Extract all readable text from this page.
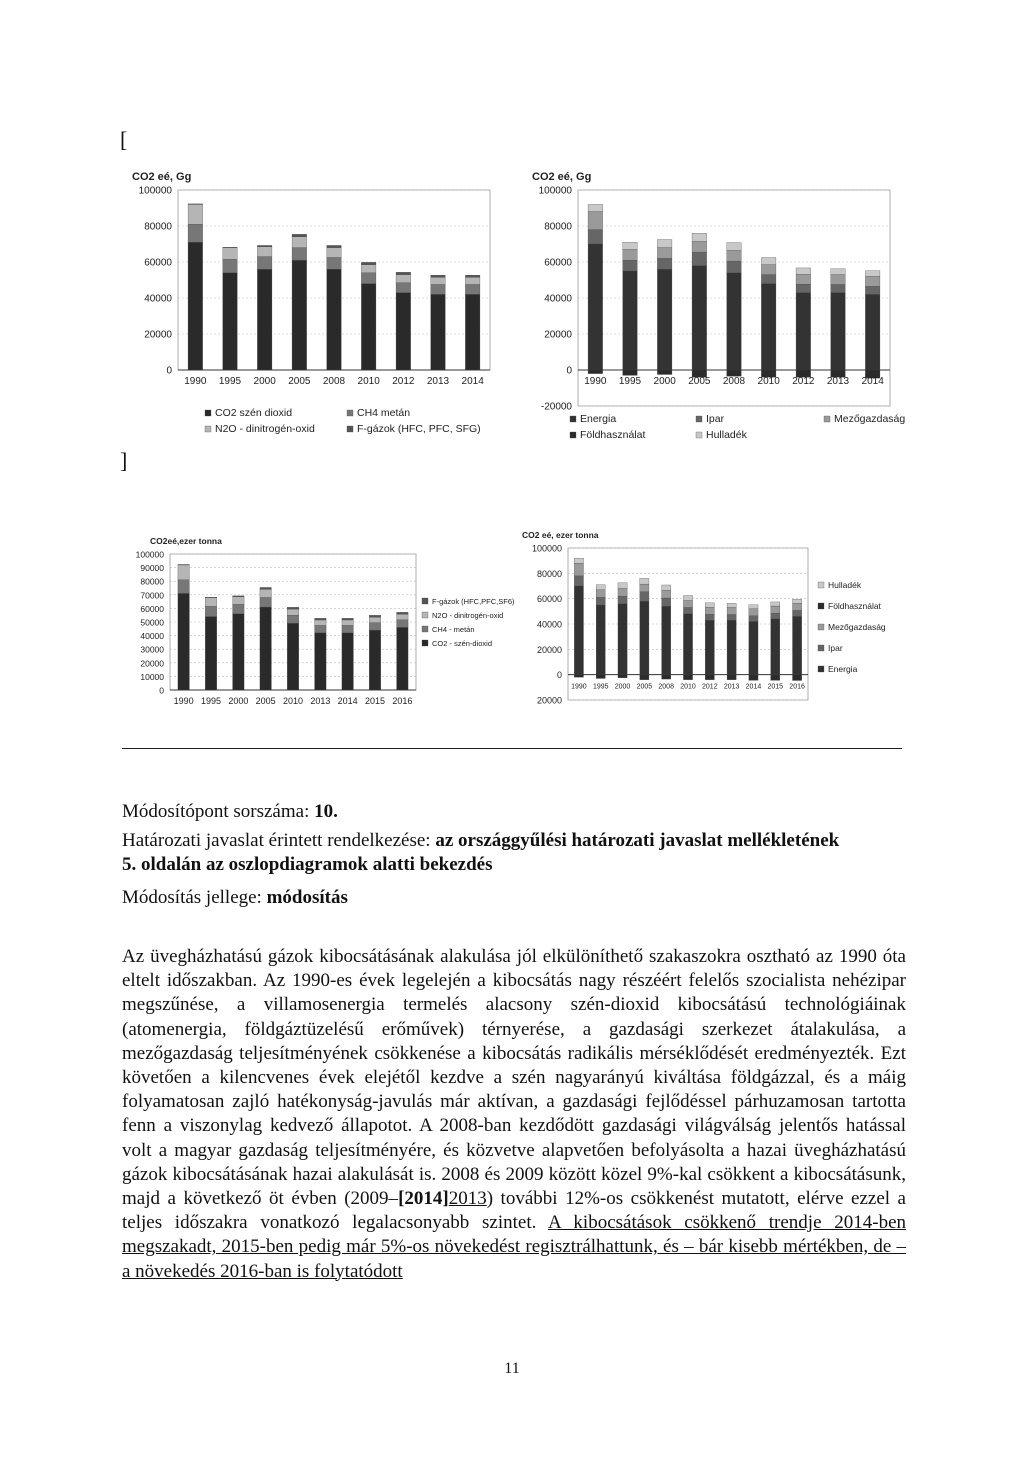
[
]
CO2 eé, Gg
100000
80000
60000
40000
20000
0
1990 1995 2000 2005 2008 2010 2012 2013 2014
CO2 szén dioxid	CH4 metán
N2O - dinitrogén-oxid	F-gázok (HFC, PFC, SFG)
CO2 eé, Gg
100000
80000
60000
40000
20000
0
-20000
1990 1995 2000 2005 2008 2010 2012 2013 2014
Energia	Ipar	Mezőgazdaság
Földhasználat	Hulladék
CO2eé,ezer tonna
100000
90000
80000
70000
60000
50000
40000
30000
20000
10000
0
1990 1995 2000 2005 2010 2013 2014 2015 2016
F-gázok (HFC,PFC,SF6)
N2O - dinitrogén-oxid
CH4 - metán
CO2 - szén-dioxid
CO2 eé, ezer tonna
100000
80000
60000
40000
20000
0
20000
1990 1995 2000 2005 2008 2010 2012 2013 2014 2015 2016
Hulladék
Földhasználat
Mezőgazdaság
Ipar
Energia
Módosítópont sorszáma: 10.
Határozati javaslat érintett rendelkezése: az országgyűlési határozati javaslat mellékletének
5. oldalán az oszlopdiagramok alatti bekezdés
Módosítás jellege: módosítás
Az üvegházhatású gázok kibocsátásának alakulása jól elkülöníthető szakaszokra osztható az 1990 óta eltelt időszakban. Az 1990-es évek legelején a kibocsátás nagy részéért felelős szocialista nehézipar megszűnése, a villamosenergia termelés alacsony szén-dioxid kibocsátású technológiáinak (atomenergia, földgáztüzelésű erőművek) térnyerése, a gazdasági szerkezet átalakulása, a mezőgazdaság teljesítményének csökkenése a kibocsátás radikális mérséklődését eredményezték. Ezt követően a kilencvenes évek elejétől kezdve a szén nagyarányú kiváltása földgázzal, és a máig folyamatosan zajló hatékonyság-javulás már aktívan, a gazdasági fejlődéssel párhuzamosan tartotta fenn a viszonylag kedvező állapotot. A 2008-ban kezdődött gazdasági világválság jelentős hatással volt a magyar gazdaság teljesítményére, és közvetve alapvetően befolyásolta a hazai üvegházhatású gázok kibocsátásának hazai alakulását is. 2008 és 2009 között közel 9%-kal csökkent a kibocsátásunk, majd a következő öt évben (2009–[2014]2013) további 12%-os csökkenést mutatott, elérve ezzel a teljes időszakra vonatkozó legalacsonyabb szintet. A kibocsátások csökkenő trendje 2014-ben megszakadt, 2015-ben pedig már 5%-os növekedést regisztrálhattunk, és – bár kisebb mértékben, de – a növekedés 2016-ban is folytatódott
11
